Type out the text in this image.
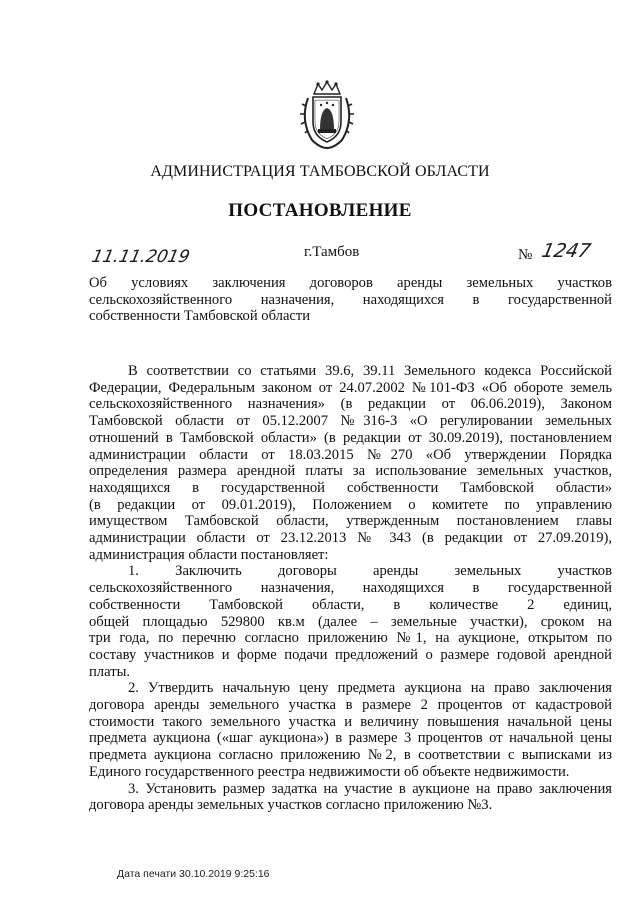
АДМИНИСТРАЦИЯ ТАМБОВСКОЙ ОБЛАСТИ
ПОСТАНОВЛЕНИЕ
11.11.2019	г.Тамбов	№ 1247
Об условиях заключения договоров аренды земельных участков
сельскохозяйственного назначения, находящихся в государственной
собственности Тамбовской области
В соответствии со статьями 39.6, 39.11 Земельного кодекса Российской
Федерации, Федеральным законом от 24.07.2002 №101-ФЗ «Об обороте земель
сельскохозяйственного назначения» (в редакции от 06.06.2019), Законом
Тамбовской области от 05.12.2007 №316-З «О регулировании земельных
отношений в Тамбовской области» (в редакции от 30.09.2019), постановлением
администрации области от 18.03.2015 №270 «Об утверждении Порядка
определения размера арендной платы за использование земельных участков,
находящихся в государственной собственности Тамбовской области»
(в редакции от 09.01.2019), Положением о комитете по управлению
имуществом Тамбовской области, утвержденным постановлением главы
администрации области от 23.12.2013 № 343 (в редакции от 27.09.2019),
администрация области постановляет:
1. Заключить договоры аренды земельных участков
сельскохозяйственного назначения, находящихся в государственной
собственности Тамбовской области, в количестве 2 единиц,
общей площадью 529800 кв.м (далее – земельные участки), сроком на
три года, по перечню согласно приложению №1, на аукционе, открытом по
составу участников и форме подачи предложений о размере годовой арендной
платы.
2. Утвердить начальную цену предмета аукциона на право заключения
договора аренды земельного участка в размере 2 процентов от кадастровой
стоимости такого земельного участка и величину повышения начальной цены
предмета аукциона («шаг аукциона») в размере 3 процентов от начальной цены
предмета аукциона согласно приложению №2, в соответствии с выписками из
Единого государственного реестра недвижимости об объекте недвижимости.
3. Установить размер задатка на участие в аукционе на право заключения
договора аренды земельных участков согласно приложению №3.
Дата печати 30.10.2019 9:25:16
